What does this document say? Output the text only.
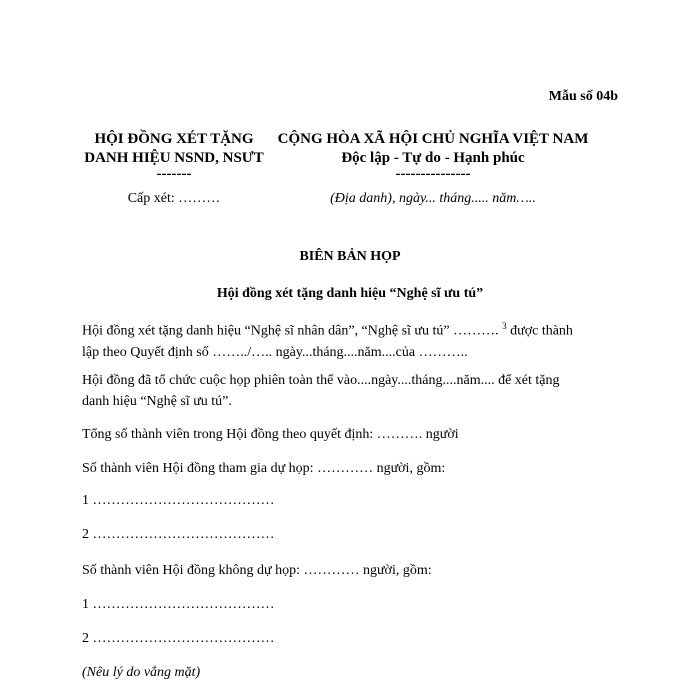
Mẫu số 04b
HỘI ĐỒNG XÉT TẶNG
DANH HIỆU NSND, NSƯT
-------
CỘNG HÒA XÃ HỘI CHỦ NGHĨA VIỆT NAM
Độc lập - Tự do - Hạnh phúc
---------------
Cấp xét: ………	(Địa danh), ngày... tháng..... năm…..
BIÊN BẢN HỌP
Hội đồng xét tặng danh hiệu “Nghệ sĩ ưu tú”
Hội đồng xét tặng danh hiệu “Nghệ sĩ nhân dân”, “Nghệ sĩ ưu tú” ………. $^3$ được thành
lập theo Quyết định số ……../….. ngày...tháng....năm....của ………..
Hội đồng đã tổ chức cuộc họp phiên toàn thể vào....ngày....tháng....năm.... để xét tặng
danh hiệu “Nghệ sĩ ưu tú”.
Tổng số thành viên trong Hội đồng theo quyết định: ………. người
Số thành viên Hội đồng tham gia dự họp: ………… người, gồm:
1 …………………………………
2 …………………………………
Số thành viên Hội đồng không dự họp: ………… người, gồm:
1 …………………………………
2 …………………………………
(Nêu lý do vắng mặt)
